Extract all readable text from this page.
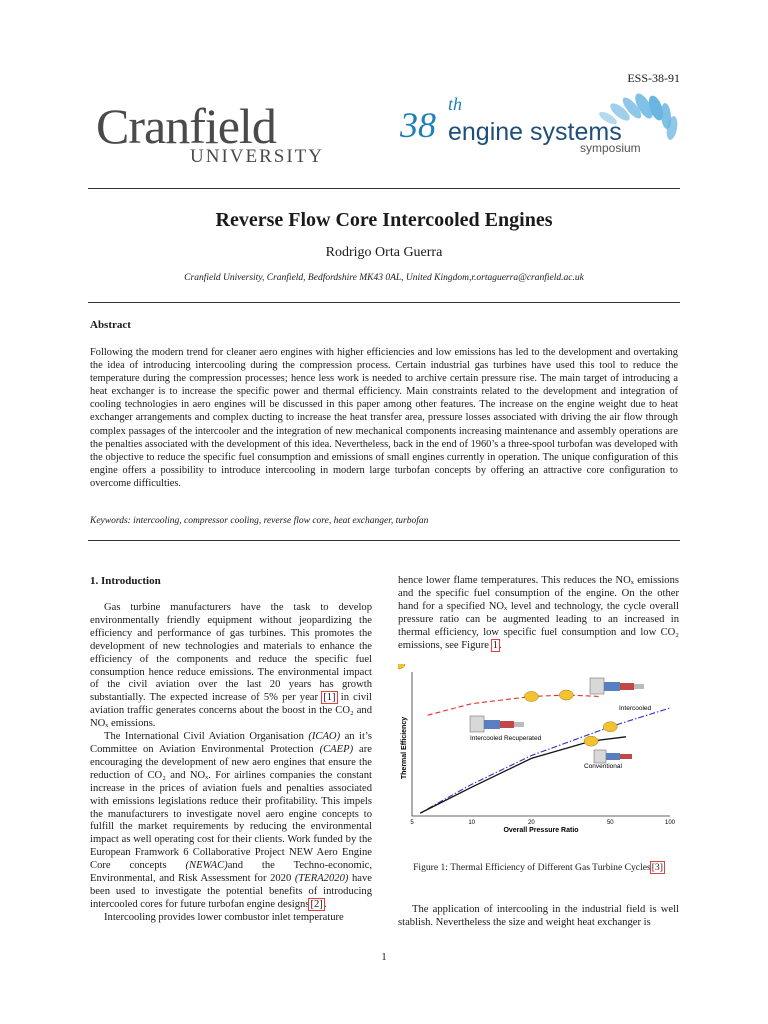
ESS-38-91
Cranfield
UNIVERSITY
38
th
engine systems
symposium
Reverse Flow Core Intercooled Engines
Rodrigo Orta Guerra
Cranfield University, Cranfield, Bedfordshire MK43 0AL, United Kingdom,r.ortaguerra@cranfield.ac.uk
Abstract
Following the modern trend for cleaner aero engines with higher efficiencies and low emissions has led to the development and overtaking the idea of introducing intercooling during the compression process. Certain industrial gas turbines have used this tool to reduce the temperature during the compression processes; hence less work is needed to archive certain pressure rise. The main target of introducing a heat exchanger is to increase the specific power and thermal efficiency. Main constraints related to the development and integration of cooling technologies in aero engines will be discussed in this paper among other features. The increase on the engine weight due to heat exchanger arrangements and complex ducting to increase the heat transfer area, pressure losses associated with driving the air flow through complex passages of the intercooler and the integration of new mechanical components increasing maintenance and assembly operations are the penalties associated with the development of this idea. Nevertheless, back in the end of 1960’s a three-spool turbofan was developed with the objective to reduce the specific fuel consumption and emissions of small engines currently in operation. The unique configuration of this engine offers a possibility to introduce intercooling in modern large turbofan concepts by offering an attractive core configuration to overcome difficulties.
Keywords: intercooling, compressor cooling, reverse flow core, heat exchanger, turbofan
1. Introduction

Gas turbine manufacturers have the task to develop environmentally friendly equipment without jeopardizing the efficiency and performance of gas turbines. This promotes the development of new technologies and materials to enhance the efficiency of the components and reduce the specific fuel consumption hence reduce emissions. The environmental impact of the civil aviation over the last 20 years has growth substantially. The expected increase of 5% per year [1] in civil aviation traffic generates concerns about the boost in the CO₂ and NOₓ emissions.

The International Civil Aviation Organisation (ICAO) an it’s Committee on Aviation Environmental Protection (CAEP) are encouraging the development of new aero engines that ensure the reduction of CO₂ and NOₓ. For airlines companies the constant increase in the prices of aviation fuels and penalties associated with emissions legislations reduce their profitability. This impels the manufacturers to investigate novel aero engine concepts to fulfill the market requirements by reducing the environmental impact as well operating cost for their clients. Work funded by the European Framwork 6 Collaborative Project NEW Aero Engine Core concepts (NEWAC)and the Techno-economic, Environmental, and Risk Assessment for 2020 (TERA2020) have been used to investigate the potential benefits of introducing intercooled cores for future turbofan engine designs[2].

Intercooling provides lower combustor inlet temperature

hence lower flame temperatures. This reduces the NOₓ emissions and the specific fuel consumption of the engine. On the other hand for a specified NOₓ level and technology, the cycle overall pressure ratio can be augmented leading to an increased in thermal efficiency, low specific fuel consumption and low CO₂ emissions, see Figure 1.

5	10	20	50	100
Intercooled
Intercooled Recuperated
Conventional
Thermal Efficiency
Overall Pressure Ratio
Figure 1: Thermal Efficiency of Different Gas Turbine Cycles[3]

The application of intercooling in the industrial field is well stablish. Nevertheless the size and weight heat exchanger is

1
